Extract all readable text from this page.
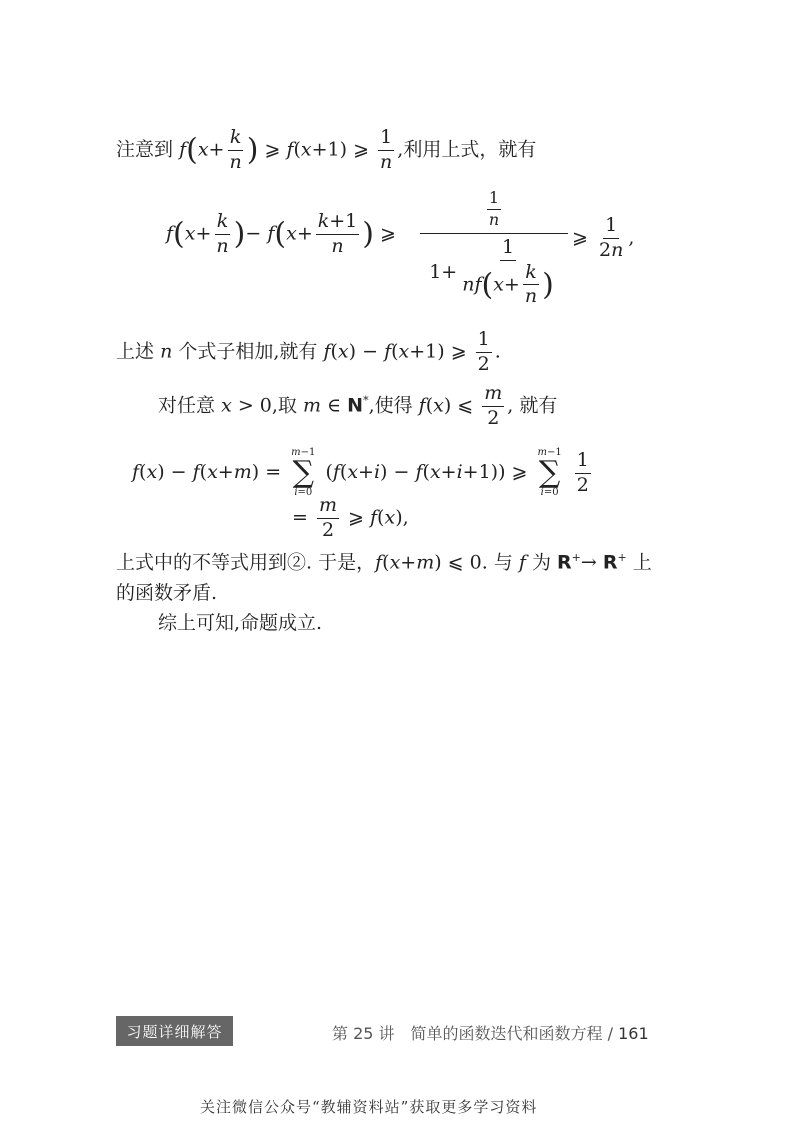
注意到 $f(x+ \frac{k}{n}$ ) ⩾ f(x+1) ⩾ $\frac{1}{n}$ ,利用上式，就有
$f(x+ \frac{k}{n}$ )− $f(x+ \frac{k+1}{n}$ ) ⩾
$\frac{1}{n}$
$1+ \frac{1}{nf(x+ \frac{k}{n} )}$
⩾ $\frac{1}{2n}$ ,
上述 n 个式子相加,就有 f(x) − f(x+1) ⩾ $\frac{1}{2}$ .
对任意 x > 0,取 m ∈ N*,使得 f(x) ⩽ $\frac{m}{2}$ , 就有
f(x) − f(x+m) =
m−1
∑
i=0
(f(x+i) − f(x+i+1)) ⩾
m−1
∑
i=0
$\frac{1}{2}$
= $\frac{m}{2}$ ⩾ f(x),
上式中的不等式用到②. 于是，f(x+m) ⩽ 0. 与 f 为 R+→ R+ 上
的函数矛盾.
综上可知,命题成立.
习题详细解答	第 25 讲　简单的函数迭代和函数方程 / 161
关注微信公众号“教辅资料站”获取更多学习资料
